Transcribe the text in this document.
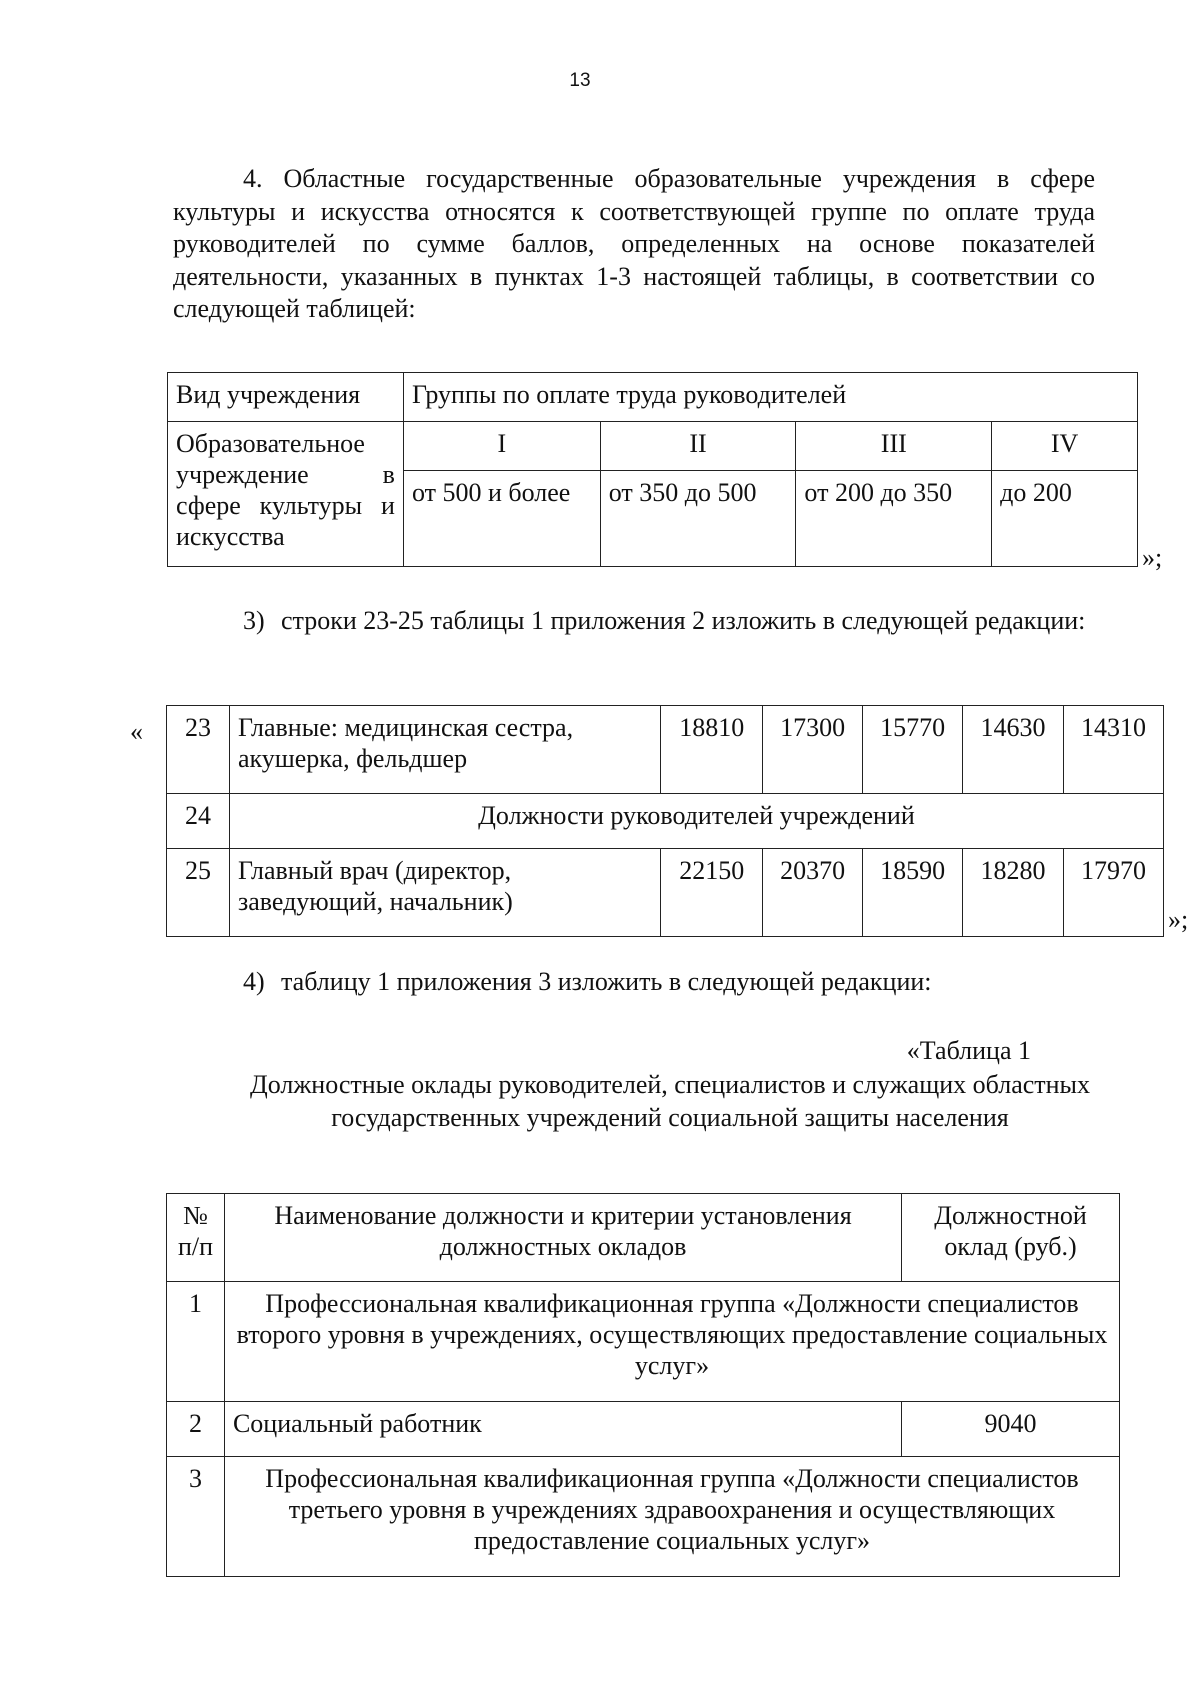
13
4. Областные государственные образовательные учреждения в сфере культуры и искусства относятся к соответствующей группе по оплате труда руководителей по сумме баллов, определенных на основе показателей деятельности, указанных в пунктах 1-3 настоящей таблицы, в соответствии со следующей таблицей:
Вид учреждения	Группы по оплате труда руководителей			
Образовательное учреждение в сфере культуры и искусства	I	II	III	IV
	от 500 и более	от 350 до 500	от 200 до 350	до 200
»;
3) строки 23-25 таблицы 1 приложения 2 изложить в следующей редакции:
« 23	Главные: медицинская сестра, акушерка, фельдшер	18810	17300	15770	14630	14310
24	Должности руководителей учреждений					
25	Главный врач (директор, заведующий, начальник)	22150	20370	18590	18280	17970
»;
4) таблицу 1 приложения 3 изложить в следующей редакции:
«Таблица 1
Должностные оклады руководителей, специалистов и служащих областных государственных учреждений социальной защиты населения
№ п/п	Наименование должности и критерии установления должностных окладов	Должностной оклад (руб.)
1	Профессиональная квалификационная группа «Должности специалистов второго уровня в учреждениях, осуществляющих предоставление социальных услуг»	
2	Социальный работник	9040
3	Профессиональная квалификационная группа «Должности специалистов третьего уровня в учреждениях здравоохранения и осуществляющих предоставление социальных услуг»	
